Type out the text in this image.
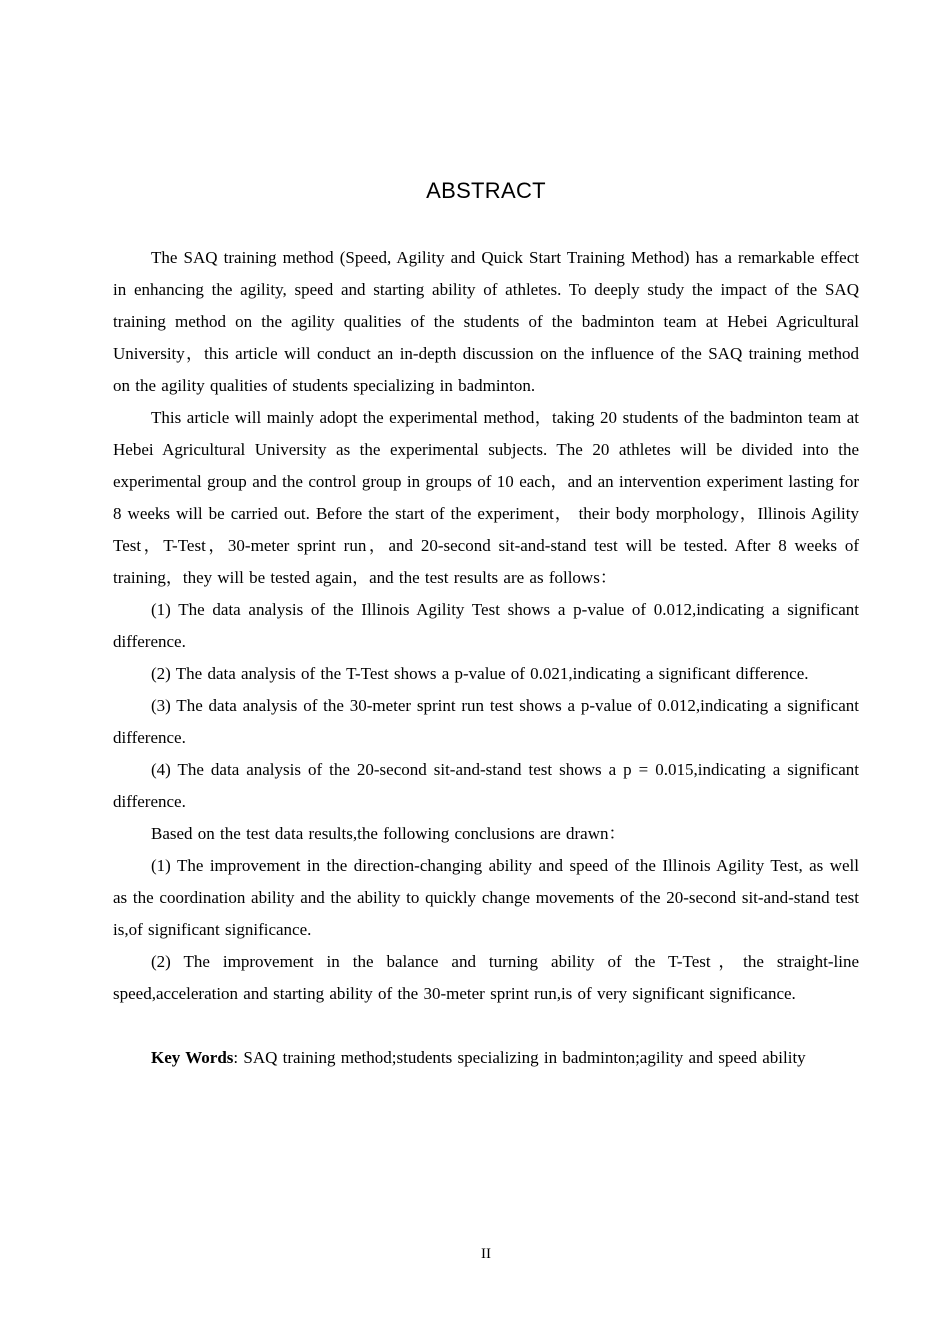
ABSTRACT

The SAQ training method (Speed, Agility and Quick Start Training Method) has a remarkable effect in enhancing the agility, speed and starting ability of athletes. To deeply study the impact of the SAQ training method on the agility qualities of the students of the badminton team at Hebei Agricultural University，this article will conduct an in-depth discussion on the influence of the SAQ training method on the agility qualities of students specializing in badminton.

This article will mainly adopt the experimental method，taking 20 students of the badminton team at Hebei Agricultural University as the experimental subjects. The 20 athletes will be divided into the experimental group and the control group in groups of 10 each，and an intervention experiment lasting for 8 weeks will be carried out. Before the start of the experiment， their body morphology，Illinois Agility Test，T-Test，30-meter sprint run，and 20-second sit-and-stand test will be tested. After 8 weeks of training，they will be tested again，and the test results are as follows：

(1) The data analysis of the Illinois Agility Test shows a p-value of 0.012,indicating a significant difference.

(2) The data analysis of the T-Test shows a p-value of 0.021,indicating a significant difference.

(3) The data analysis of the 30-meter sprint run test shows a p-value of 0.012,indicating a significant difference.

(4) The data analysis of the 20-second sit-and-stand test shows a p = 0.015,indicating a significant difference.

Based on the test data results,the following conclusions are drawn：

(1) The improvement in the direction-changing ability and speed of the Illinois Agility Test, as well as the coordination ability and the ability to quickly change movements of the 20-second sit-and-stand test is,of significant significance.

(2) The improvement in the balance and turning ability of the T-Test，the straight-line speed,acceleration and starting ability of the 30-meter sprint run,is of very significant significance.

Key Words: SAQ training method;students specializing in badminton;agility and speed ability

II
